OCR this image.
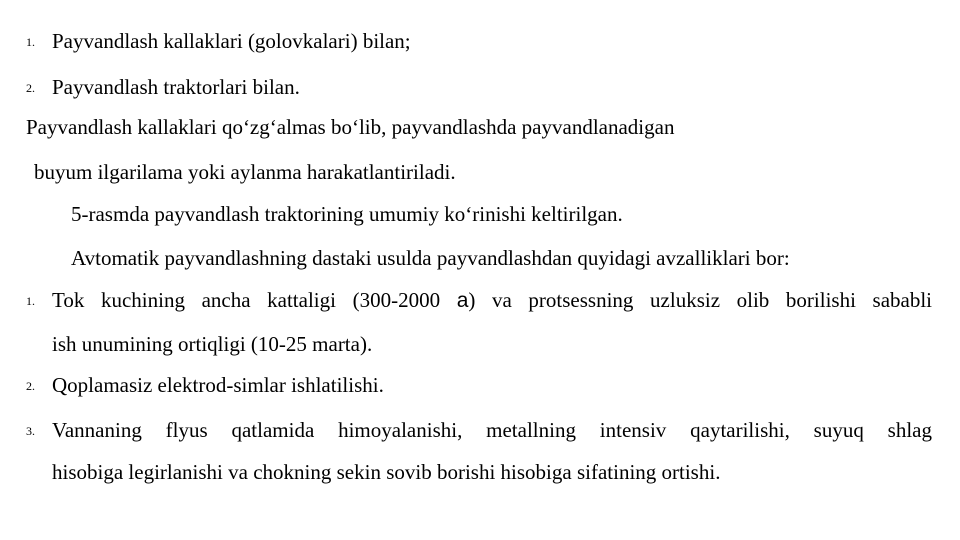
1. Payvandlash kallaklari (golovkalari) bilan;
2. Payvandlash traktorlari bilan.
Payvandlash kallaklari qo‘zg‘almas bo‘lib, payvandlashda payvandlanadigan
buyum ilgarilama yoki aylanma harakatlantiriladi.
5-rasmda payvandlash traktorining umumiy ko‘rinishi keltirilgan.
Avtomatik payvandlashning dastaki usulda payvandlashdan quyidagi avzalliklari bor:
1. Tok kuchining ancha kattaligi (300-2000 a) va protsessning uzluksiz olib borilishi sababli
ish unumining ortiqligi (10-25 marta).
2. Qoplamasiz elektrod-simlar ishlatilishi.
3. Vannaning flyus qatlamida himoyalanishi, metallning intensiv qaytarilishi, suyuq shlag
hisobiga legirlanishi va chokning sekin sovib borishi hisobiga sifatining ortishi.
